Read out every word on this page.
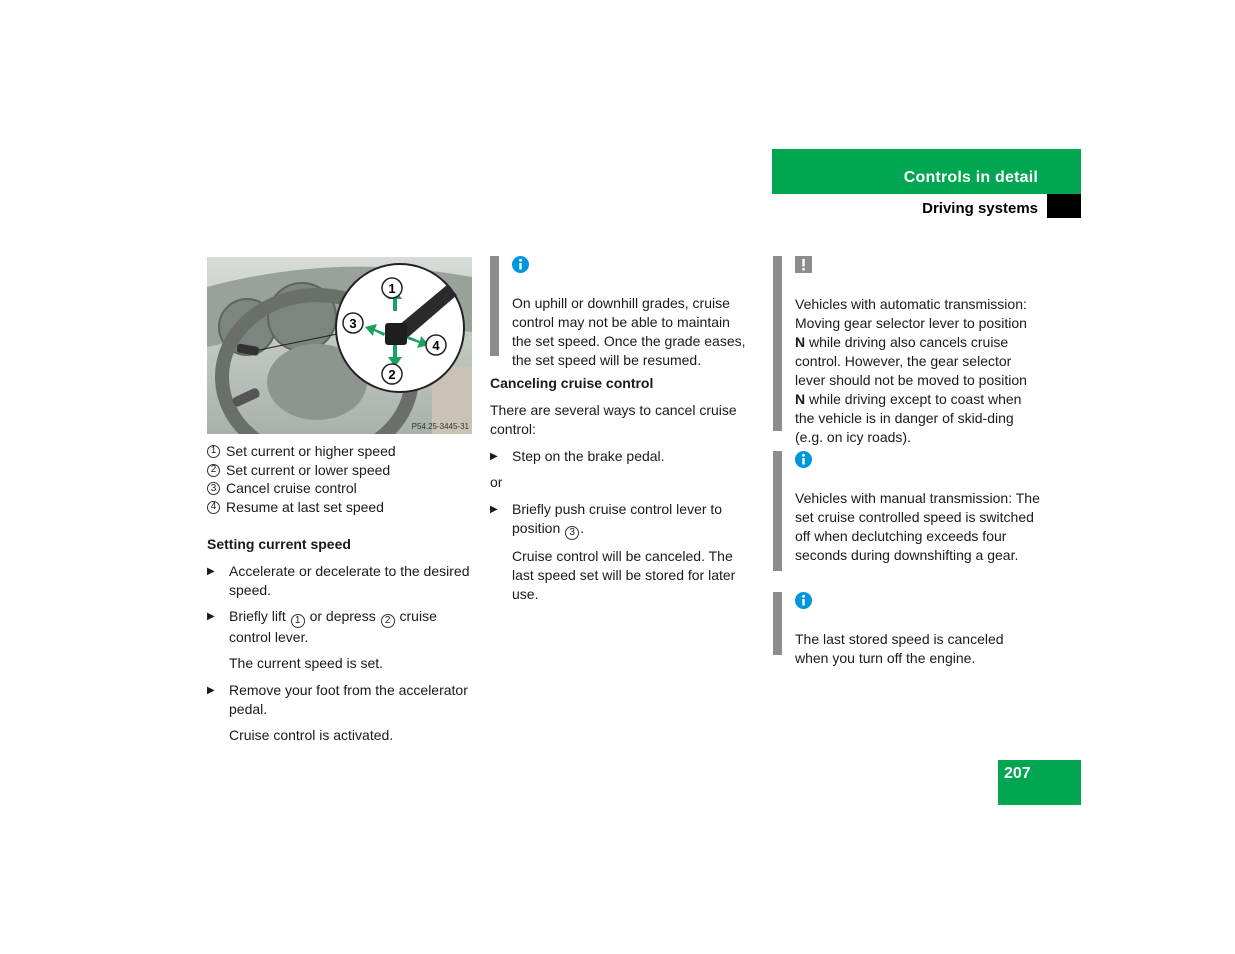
Controls in detail
Driving systems
1
2
3
4
P54.25-3445-31
1 Set current or higher speed
2 Set current or lower speed
3 Cancel cruise control
4 Resume at last set speed

Setting current speed

▶	Accelerate or decelerate to the desired speed.
▶	Briefly lift 1 or depress 2 cruise control lever.

The current speed is set.

▶	Remove your foot from the accelerator pedal.

Cruise control is activated.

On uphill or downhill grades, cruise control may not be able to maintain the set speed. Once the grade eases, the set speed will be resumed.

Canceling cruise control

There are several ways to cancel cruise control:

▶	Step on the brake pedal.

or

▶	Briefly push cruise control lever to position 3 .

Cruise control will be canceled. The last speed set will be stored for later use.

Vehicles with automatic transmission: Moving gear selector lever to position N while driving also cancels cruise control. However, the gear selector lever should not be moved to position N while driving except to coast when the vehicle is in danger of skid-ding (e.g. on icy roads).

Vehicles with manual transmission: The set cruise controlled speed is switched off when declutching exceeds four seconds during downshifting a gear.

The last stored speed is canceled when you turn off the engine.

207
